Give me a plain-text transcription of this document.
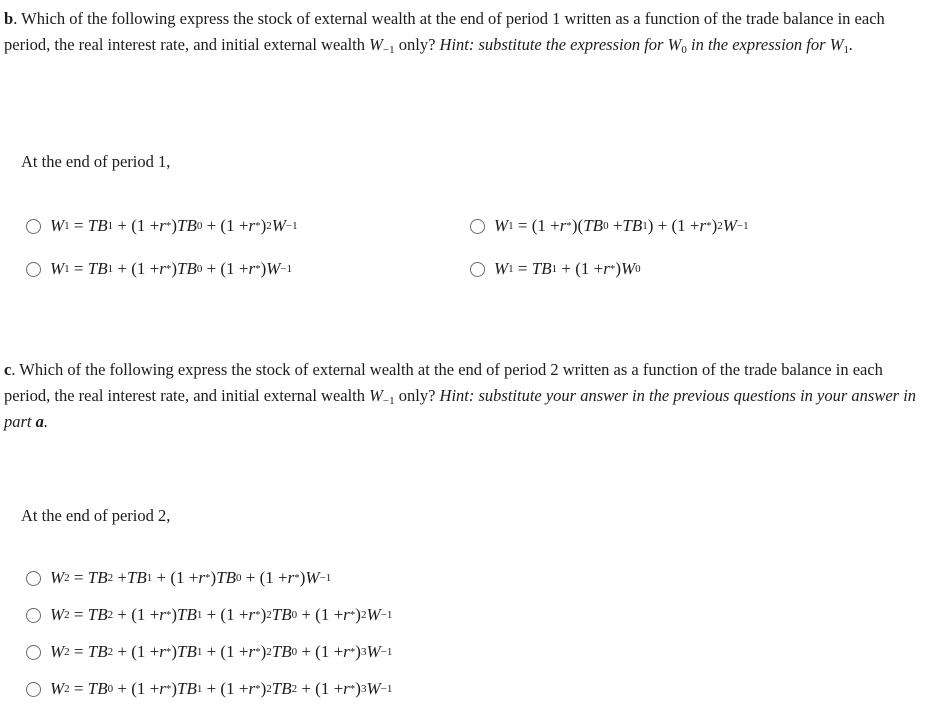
b. Which of the following express the stock of external wealth at the end of period 1 written as a function of the trade balance in each period, the real interest rate, and initial external wealth $W_{-1}$ only? Hint: substitute the expression for $W_0$ in the expression for $W_1$.
At the end of period 1,
W 1 = TB 1 + (1 + r * ) TB 0 + (1 + r * ) 2 W −1	W 1 = (1 + r * )( TB 0 + TB 1 ) + (1 + r * ) 2 W −1
W 1 = TB 1 + (1 + r * ) TB 0 + (1 + r * ) W −1	W 1 = TB 1 + (1 + r * ) W 0
c. Which of the following express the stock of external wealth at the end of period 2 written as a function of the trade balance in each period, the real interest rate, and initial external wealth $W_{-1}$ only? Hint: substitute your answer in the previous questions in your answer in part a.
At the end of period 2,
W 2 = TB 2 + TB 1 + (1 + r * ) TB 0 + (1 + r * ) W −1
W 2 = TB 2 + (1 + r * ) TB 1 + (1 + r * ) 2 TB 0 + (1 + r * ) 2 W −1
W 2 = TB 2 + (1 + r * ) TB 1 + (1 + r * ) 2 TB 0 + (1 + r * ) 3 W −1
W 2 = TB 0 + (1 + r * ) TB 1 + (1 + r * ) 2 TB 2 + (1 + r * ) 3 W −1
